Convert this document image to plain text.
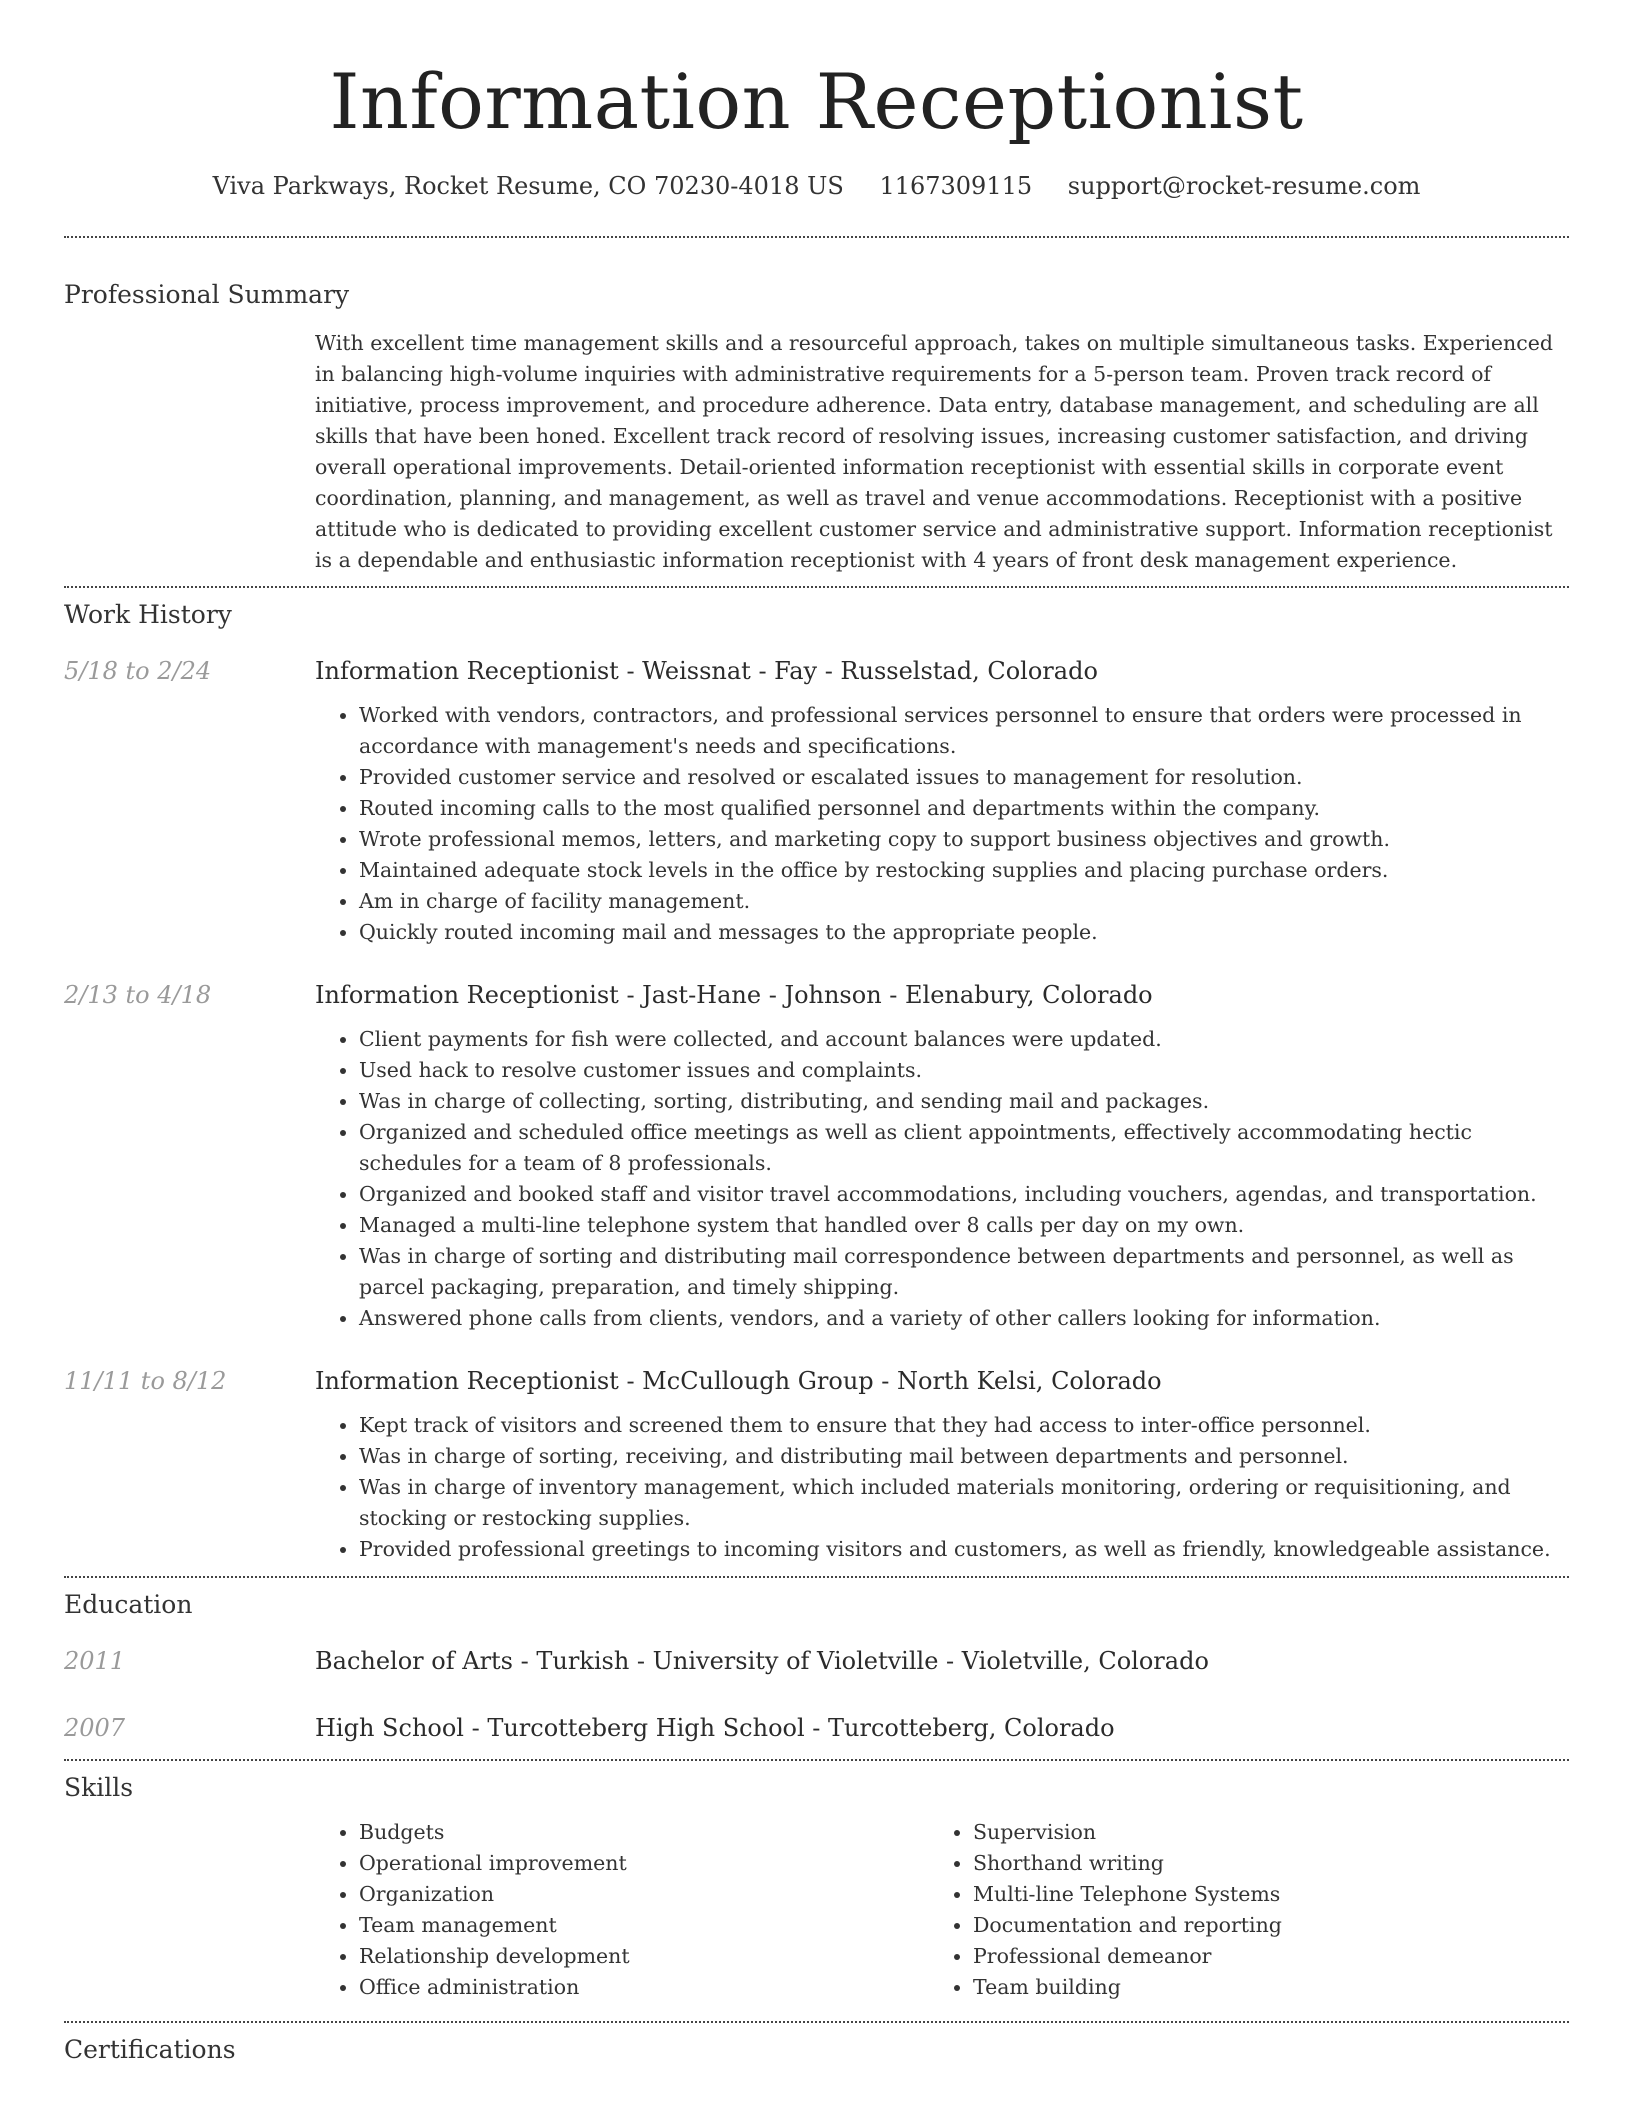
Information Receptionist
Viva Parkways, Rocket Resume, CO 70230-4018 US 1167309115 support@rocket-resume.com
Professional Summary

With excellent time management skills and a resourceful approach, takes on multiple simultaneous tasks. Experienced in balancing high-volume inquiries with administrative requirements for a 5-person team. Proven track record of initiative, process improvement, and procedure adherence. Data entry, database management, and scheduling are all skills that have been honed. Excellent track record of resolving issues, increasing customer satisfaction, and driving overall operational improvements. Detail-oriented information receptionist with essential skills in corporate event coordination, planning, and management, as well as travel and venue accommodations. Receptionist with a positive attitude who is dedicated to providing excellent customer service and administrative support. Information receptionist is a dependable and enthusiastic information receptionist with 4 years of front desk management experience.

Work History
5/18 to 2/24	Information Receptionist - Weissnat - Fay - Russelstad, Colorado
• Worked with vendors, contractors, and professional services personnel to ensure that orders were processed in accordance with management's needs and specifications.
• Provided customer service and resolved or escalated issues to management for resolution.
• Routed incoming calls to the most qualified personnel and departments within the company.
• Wrote professional memos, letters, and marketing copy to support business objectives and growth.
• Maintained adequate stock levels in the office by restocking supplies and placing purchase orders.
• Am in charge of facility management.
• Quickly routed incoming mail and messages to the appropriate people.
2/13 to 4/18	Information Receptionist - Jast-Hane - Johnson - Elenabury, Colorado
• Client payments for fish were collected, and account balances were updated.
• Used hack to resolve customer issues and complaints.
• Was in charge of collecting, sorting, distributing, and sending mail and packages.
• Organized and scheduled office meetings as well as client appointments, effectively accommodating hectic schedules for a team of 8 professionals.
• Organized and booked staff and visitor travel accommodations, including vouchers, agendas, and transportation.
• Managed a multi-line telephone system that handled over 8 calls per day on my own.
• Was in charge of sorting and distributing mail correspondence between departments and personnel, as well as parcel packaging, preparation, and timely shipping.
• Answered phone calls from clients, vendors, and a variety of other callers looking for information.
11/11 to 8/12	Information Receptionist - McCullough Group - North Kelsi, Colorado
• Kept track of visitors and screened them to ensure that they had access to inter-office personnel.
• Was in charge of sorting, receiving, and distributing mail between departments and personnel.
• Was in charge of inventory management, which included materials monitoring, ordering or requisitioning, and stocking or restocking supplies.
• Provided professional greetings to incoming visitors and customers, as well as friendly, knowledgeable assistance.
Education
2011	Bachelor of Arts - Turkish - University of Violetville - Violetville, Colorado
2007	High School - Turcotteberg High School - Turcotteberg, Colorado
Skills
• Budgets
• Operational improvement
• Organization
• Team management
• Relationship development
• Office administration
• Supervision
• Shorthand writing
• Multi-line Telephone Systems
• Documentation and reporting
• Professional demeanor
• Team building
Certifications
